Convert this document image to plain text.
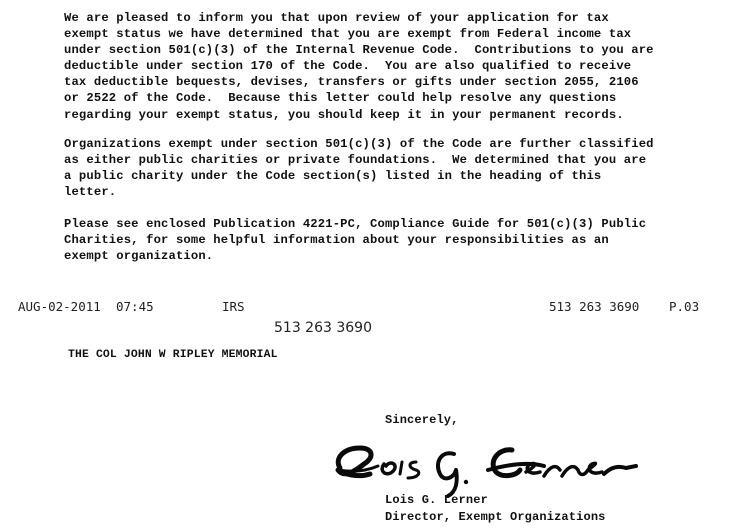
We are pleased to inform you that upon review of your application for tax
exempt status we have determined that you are exempt from Federal income tax
under section 501(c)(3) of the Internal Revenue Code.  Contributions to you are
deductible under section 170 of the Code.  You are also qualified to receive
tax deductible bequests, devises, transfers or gifts under section 2055, 2106
or 2522 of the Code.  Because this letter could help resolve any questions
regarding your exempt status, you should keep it in your permanent records.

Organizations exempt under section 501(c)(3) of the Code are further classified
as either public charities or private foundations.  We determined that you are
a public charity under the Code section(s) listed in the heading of this
letter.

Please see enclosed Publication 4221-PC, Compliance Guide for 501(c)(3) Public
Charities, for some helpful information about your responsibilities as an
exempt organization.

AUG-02-2011 07:45	IRS	513 263 3690 P.03
513 263 3690
THE COL JOHN W RIPLEY MEMORIAL
Sincerely,
Lois G. Lerner
Director, Exempt Organizations
